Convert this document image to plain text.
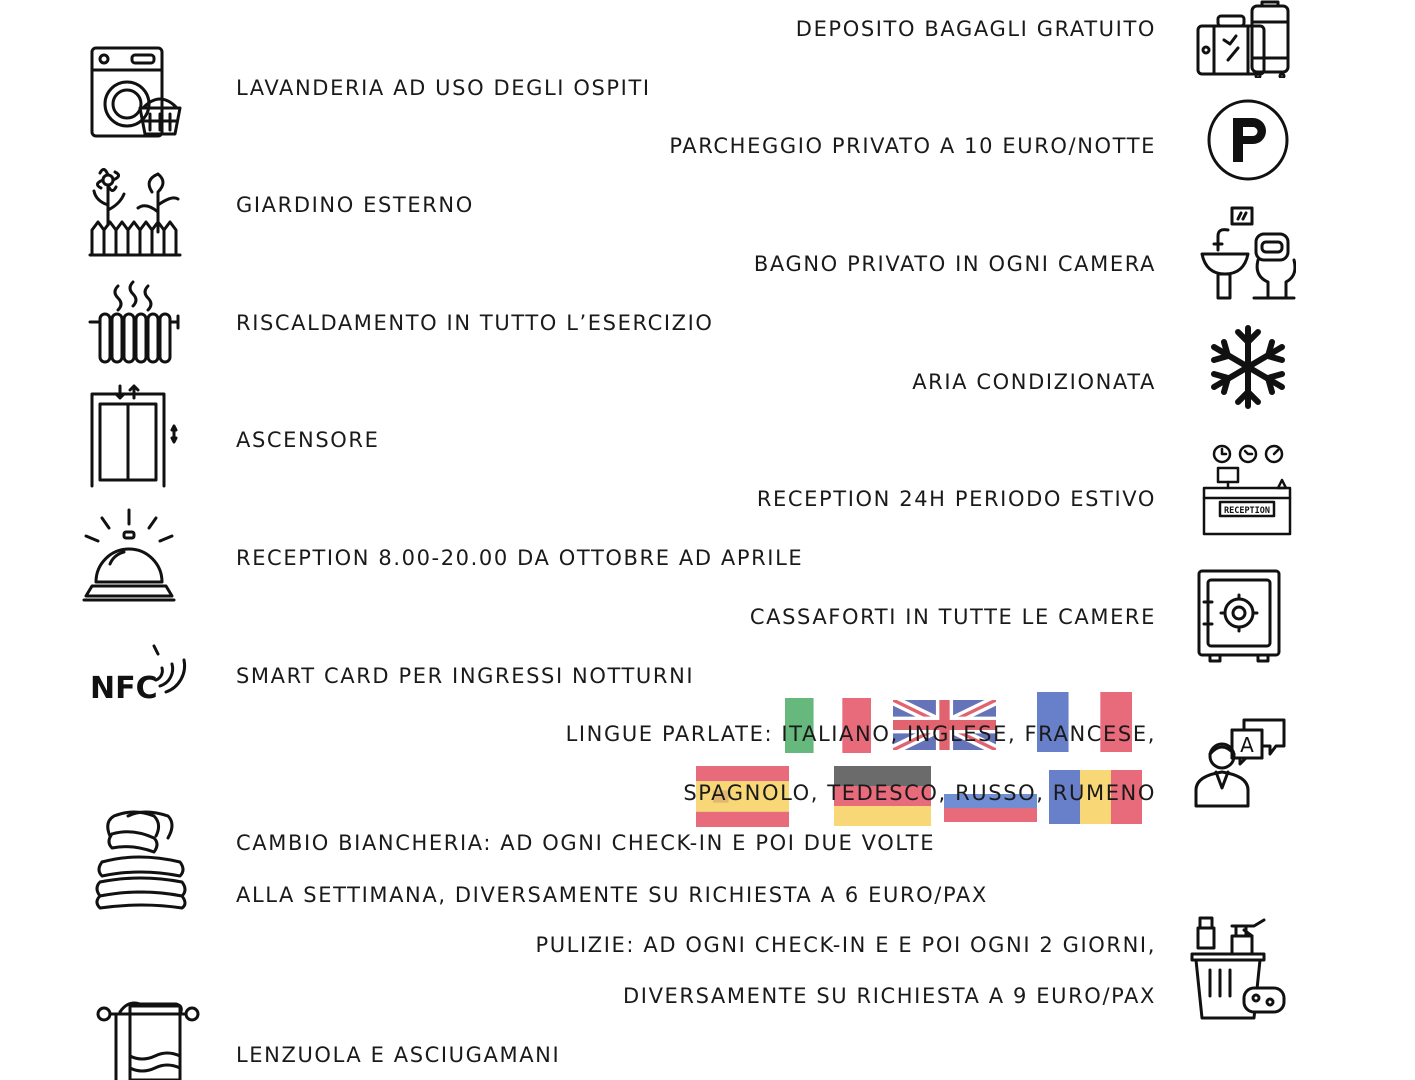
DEPOSITO BAGAGLI GRATUITO
LAVANDERIA AD USO DEGLI OSPITI
PARCHEGGIO PRIVATO A 10 EURO/NOTTE
GIARDINO ESTERNO
BAGNO PRIVATO IN OGNI CAMERA
RISCALDAMENTO IN TUTTO L’ESERCIZIO
ARIA CONDIZIONATA
ASCENSORE
RECEPTION 24H PERIODO ESTIVO
RECEPTION 8.00-20.00 DA OTTOBRE AD APRILE
CASSAFORTI IN TUTTE LE CAMERE
SMART CARD PER INGRESSI NOTTURNI
LINGUE PARLATE: ITALIANO, INGLESE, FRANCESE,
SPAGNOLO, TEDESCO, RUSSO, RUMENO
CAMBIO BIANCHERIA: AD OGNI CHECK-IN E POI DUE VOLTE
ALLA SETTIMANA, DIVERSAMENTE SU RICHIESTA A 6 EURO/PAX
PULIZIE: AD OGNI CHECK-IN E E POI OGNI 2 GIORNI,
DIVERSAMENTE SU RICHIESTA A 9 EURO/PAX
LENZUOLA E ASCIUGAMANI
NFC
RECEPTION
A
